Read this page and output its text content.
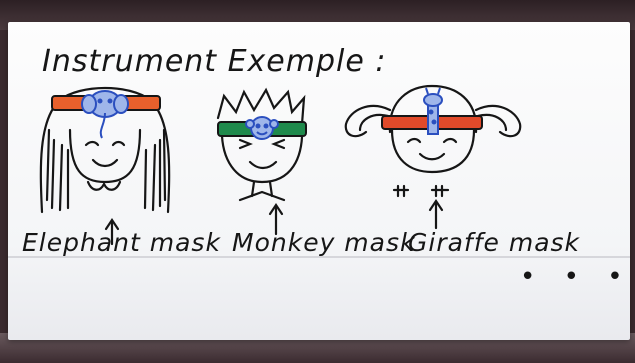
Instrument Exemple :
Elephant mask Monkey mask
Giraffe mask
• • •
